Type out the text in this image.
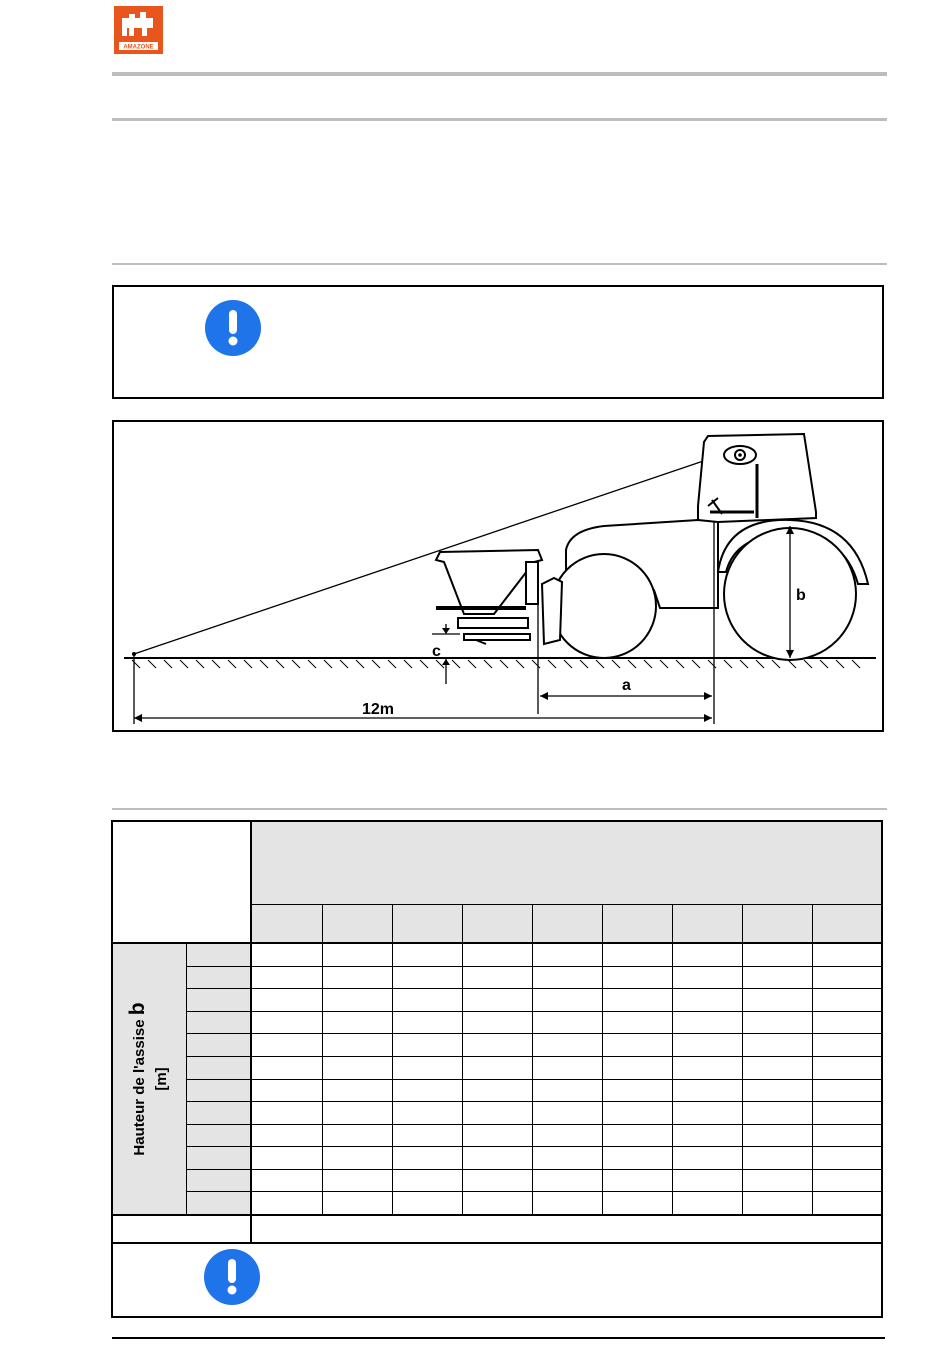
AMAZONE
c
a
b
12m
Hauteur de l'assise b
[m]
